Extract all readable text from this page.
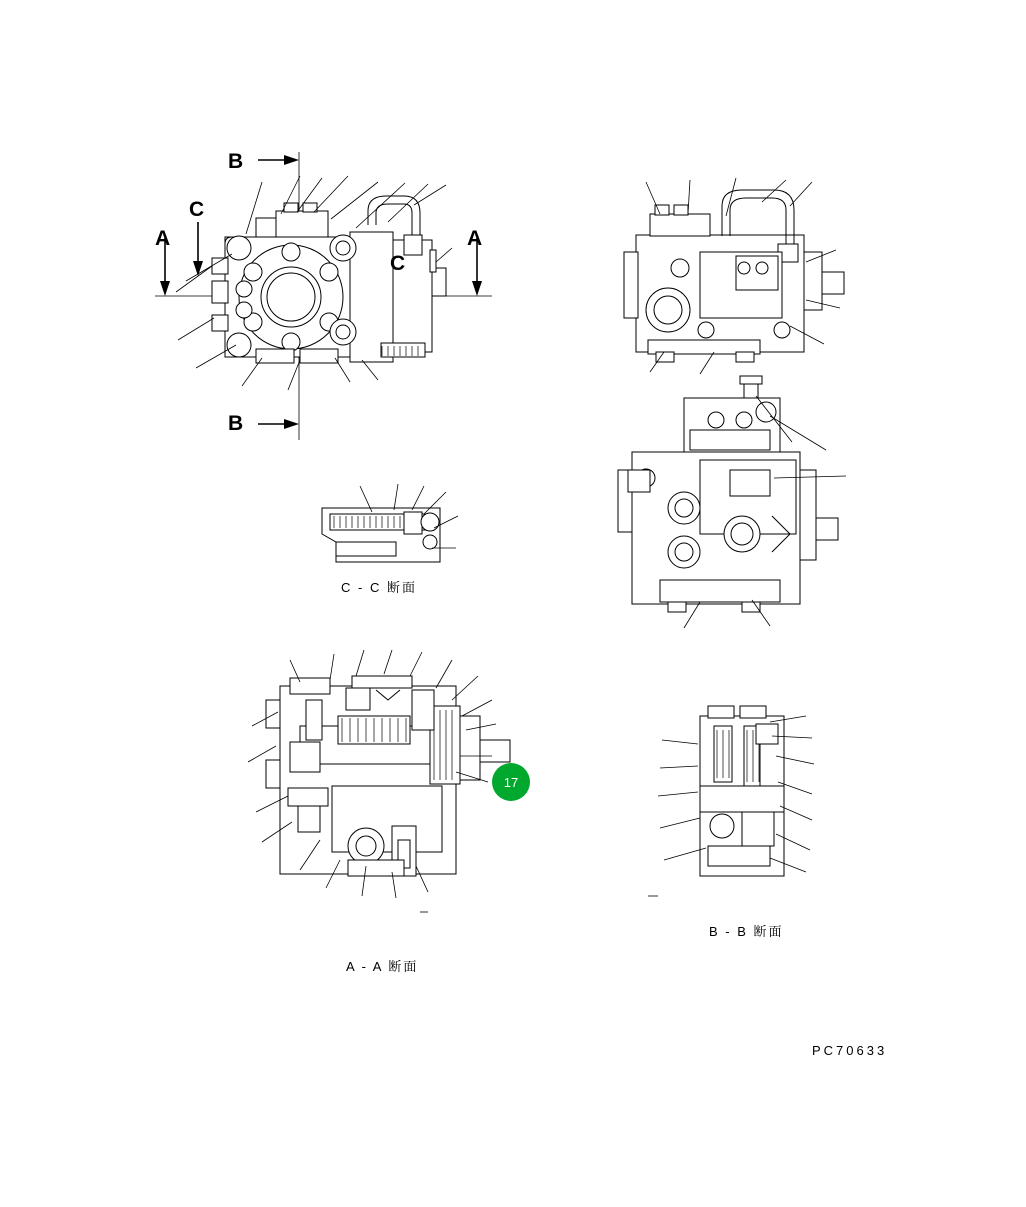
A	A
C
C
B
B
C - C 断面
A - A 断面
B - B 断面
17
PC70633
